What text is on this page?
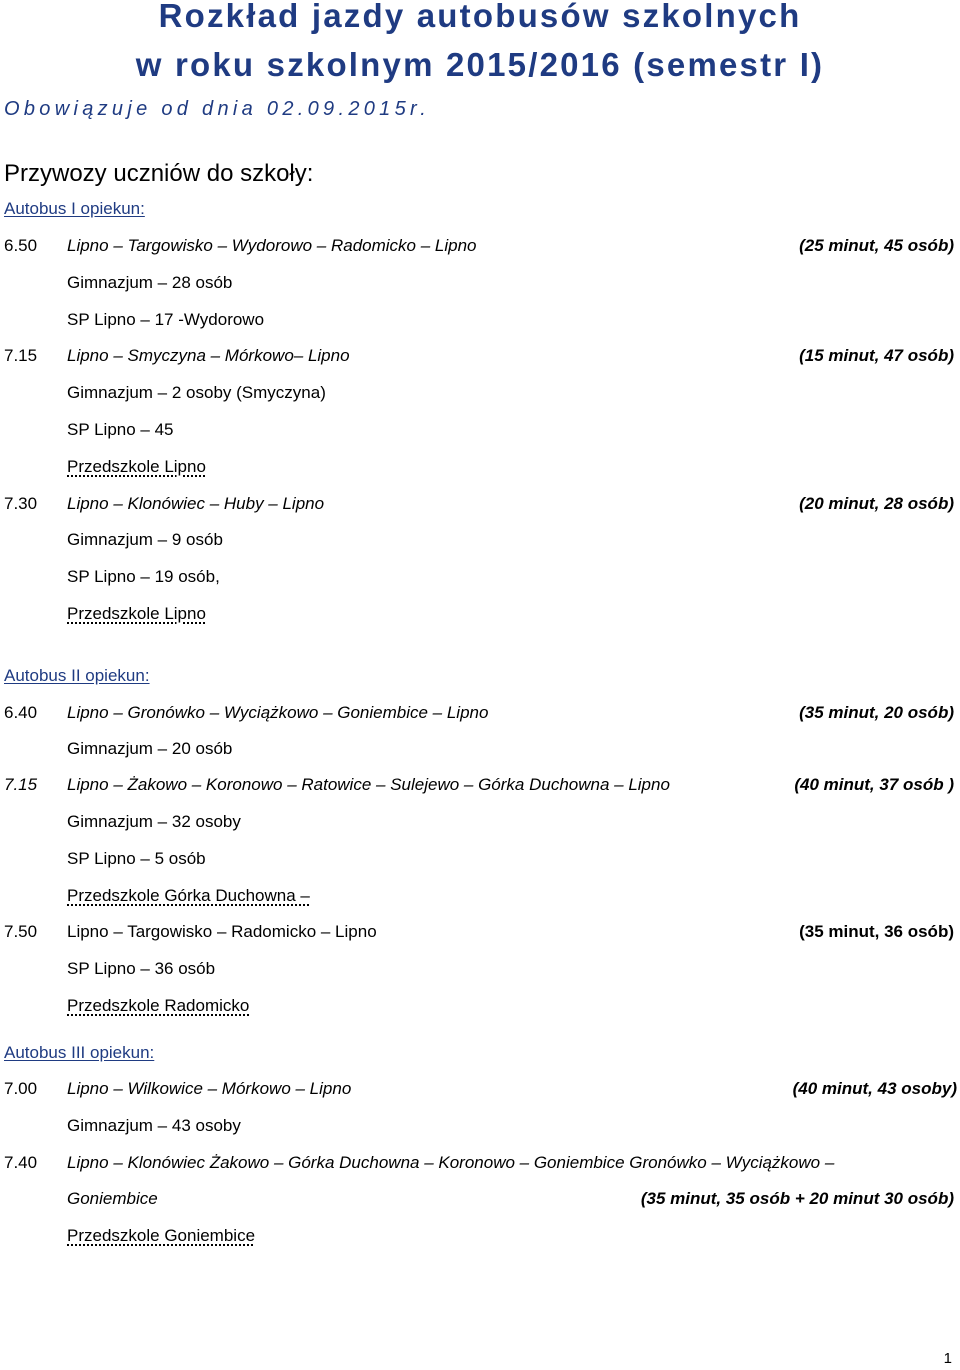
Rozkład jazdy autobusów szkolnych
w roku szkolnym 2015/2016 (semestr I)
Obowiązuje od dnia 02.09.2015r.
Przywozy uczniów do szkoły:
Autobus I opiekun:
6.50 Lipno – Targowisko – Wydorowo – Radomicko – Lipno	(25 minut, 45 osób)
Gimnazjum – 28 osób
SP Lipno – 17 -Wydorowo
7.15 Lipno – Smyczyna – Mórkowo– Lipno	(15 minut, 47 osób)
Gimnazjum – 2 osoby (Smyczyna)
SP Lipno – 45
Przedszkole Lipno
7.30 Lipno – Klonówiec – Huby – Lipno	(20 minut, 28 osób)
Gimnazjum – 9 osób
SP Lipno – 19 osób,
Przedszkole Lipno
Autobus II opiekun:
6.40 Lipno – Gronówko – Wyciążkowo – Goniembice – Lipno	(35 minut, 20 osób)
Gimnazjum – 20 osób
7.15 Lipno – Żakowo – Koronowo – Ratowice – Sulejewo – Górka Duchowna – Lipno	(40 minut, 37 osób )
Gimnazjum – 32 osoby
SP Lipno – 5 osób
Przedszkole Górka Duchowna –
7.50 Lipno – Targowisko – Radomicko – Lipno	(35 minut, 36 osób)
SP Lipno – 36 osób
Przedszkole Radomicko
Autobus III opiekun:
7.00 Lipno – Wilkowice – Mórkowo – Lipno	(40 minut, 43 osoby)
Gimnazjum – 43 osoby
7.40 Lipno – Klonówiec Żakowo – Górka Duchowna – Koronowo – Goniembice Gronówko – Wyciążkowo –
Goniembice	(35 minut, 35 osób + 20 minut 30 osób)
Przedszkole Goniembice
1
